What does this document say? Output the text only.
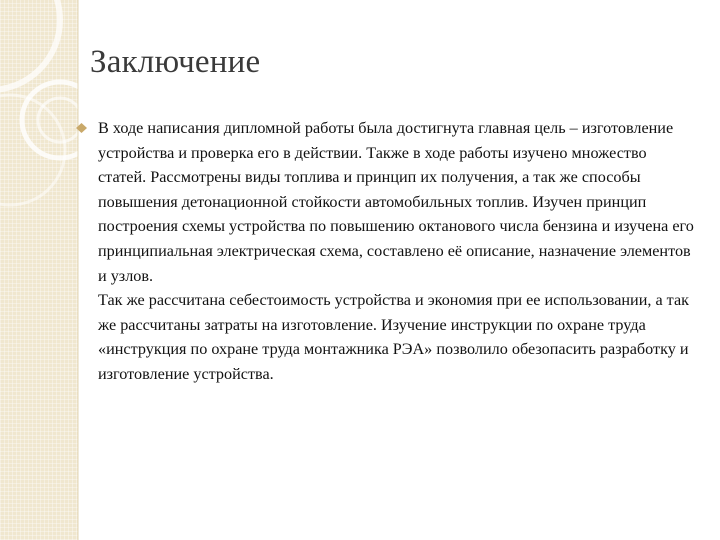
Заключение

В ходе написания дипломной работы была достигнута главная цель – изготовление устройства и проверка его в действии. Также в ходе работы изучено множество статей. Рассмотрены виды топлива и принцип их получения, а так же способы повышения детонационной стойкости автомобильных топлив. Изучен принцип построения схемы устройства по повышению октанового числа бензина и изучена его принципиальная электрическая схема, составлено её описание, назначение элементов и узлов.
Так же рассчитана себестоимость устройства и экономия при ее использовании, а так же рассчитаны затраты на изготовление. Изучение инструкции по охране труда «инструкция по охране труда монтажника РЭА» позволило обезопасить разработку и изготовление устройства.
